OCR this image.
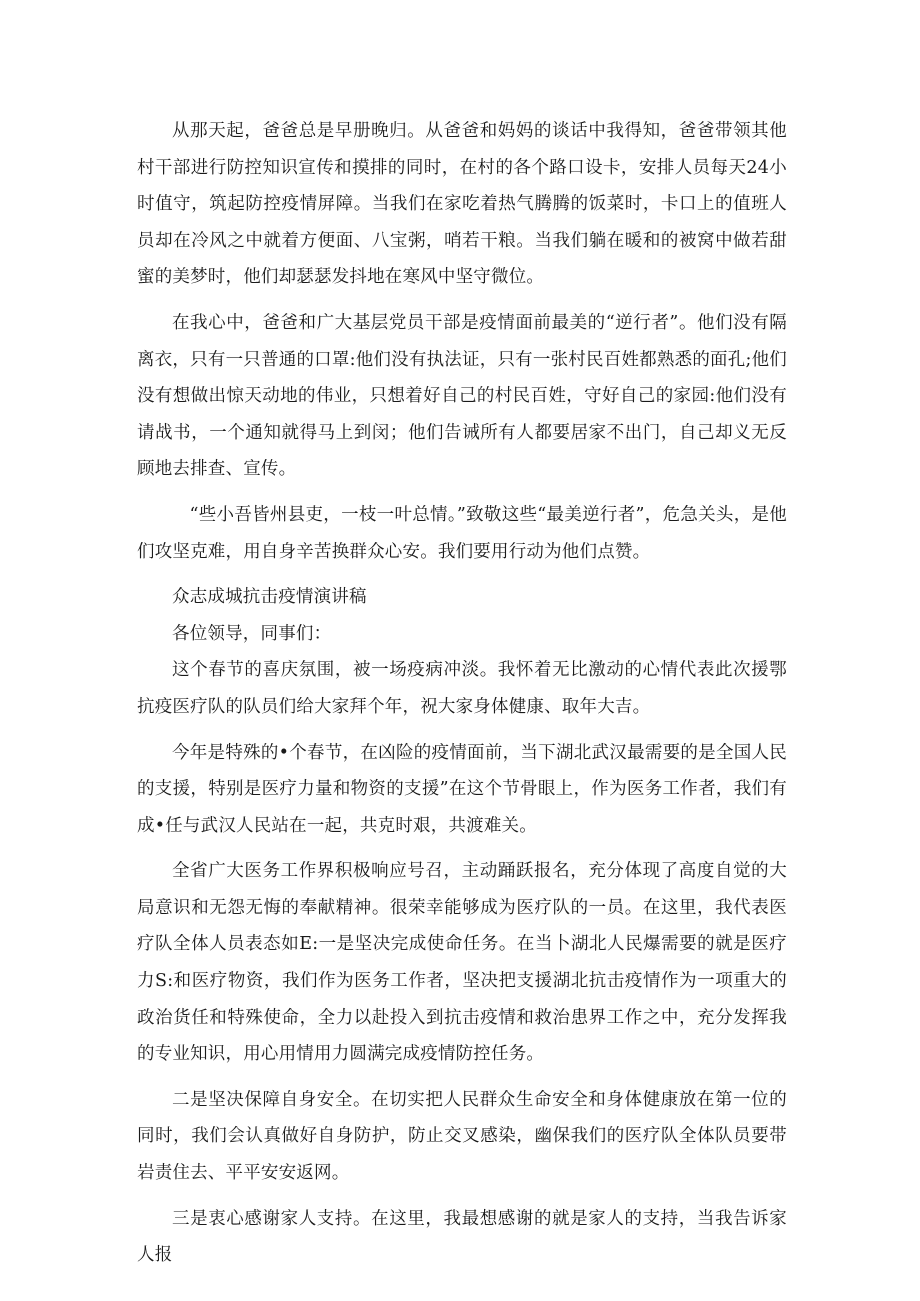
从那天起，爸爸总是早册晚归。从爸爸和妈妈的谈话中我得知，爸爸带领其他村干部进行防控知识宣传和摸排的同时，在村的各个路口设卡，安排人员每天24小时值守，筑起防控疫情屏障。当我们在家吃着热气腾腾的饭菜时，卡口上的值班人员却在冷风之中就着方便面、八宝粥，哨若干粮。当我们躺在暖和的被窝中做若甜蜜的美梦时，他们却瑟瑟发抖地在寒风中坚守微位。

在我心中，爸爸和广大基层党员干部是疫情面前最美的“逆行者”。他们没有隔离衣，只有一只普通的口罩:他们没有执法证，只有一张村民百姓都熟悉的面孔;他们没有想做出惊天动地的伟业，只想着好自己的村民百姓，守好自己的家园:他们没有请战书，一个通知就得马上到闵；他们告诫所有人都要居家不出门，自己却义无反顾地去排查、宣传。

“些小吾皆州县吏，一枝一叶总情。”致敬这些“最美逆行者”，危急关头，是他们攻坚克难，用自身辛苦换群众心安。我们要用行动为他们点赞。

众志成城抗击疫情演讲稿

各位领导，同事们：

这个春节的喜庆氛围，被一场疫病冲淡。我怀着无比激动的心情代表此次援鄂抗疫医疗队的队员们给大家拜个年，祝大家身体健康、取年大吉。

今年是特殊的•个春节，在凶险的疫情面前，当下湖北武汉最需要的是全国人民的支援，特别是医疗力量和物资的支援”在这个节骨眼上，作为医务工作者，我们有成•任与武汉人民站在一起，共克时艰，共渡难关。

全省广大医务工作界积极响应号召，主动踊跃报名，充分体现了高度自觉的大局意识和无怨无悔的奉献精神。很荣幸能够成为医疗队的一员。在这里，我代表医疗队全体人员表态如E:一是坚决完成使命任务。在当卜湖北人民爆需要的就是医疗力S:和医疗物资，我们作为医务工作者，坚决把支援湖北抗击疫情作为一项重大的政治货任和特殊使命，全力以赴投入到抗击疫情和救治患界工作之中，充分发挥我的专业知识，用心用情用力圆满完成疫情防控任务。

二是坚决保障自身安全。在切实把人民群众生命安全和身体健康放在第一位的同时，我们会认真做好自身防护，防止交叉感染，幽保我们的医疗队全体队员要带岩责住去、平平安安返网。

三是衷心感谢家人支持。在这里，我最想感谢的就是家人的支持，当我告诉家人报
